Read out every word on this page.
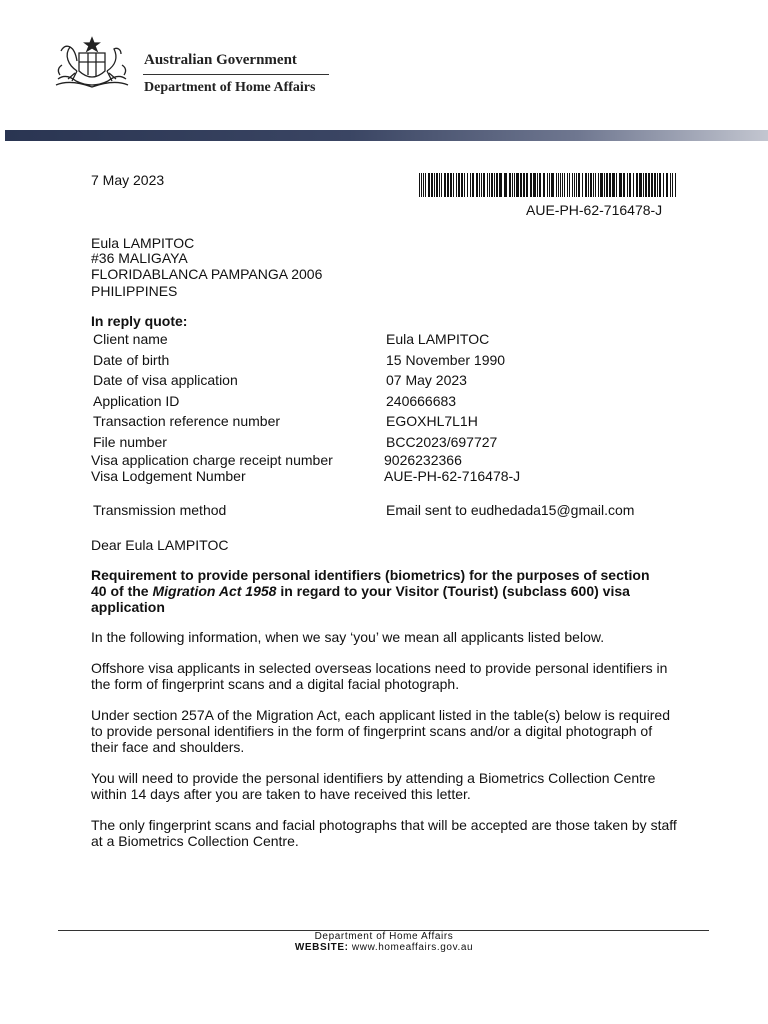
Australian Government
Department of Home Affairs
7 May 2023
AUE-PH-62-716478-J
Eula LAMPITOC
#36 MALIGAYA
FLORIDABLANCA PAMPANGA 2006
PHILIPPINES
In reply quote:
Client name	Eula LAMPITOC
Date of birth	15 November 1990
Date of visa application	07 May 2023
Application ID	240666683
Transaction reference number	EGOXHL7L1H
File number	BCC2023/697727
Visa application charge receipt number	9026232366
Visa Lodgement Number	AUE-PH-62-716478-J
Transmission method	Email sent to eudhedada15@gmail.com
Dear Eula LAMPITOC
Requirement to provide personal identifiers (biometrics) for the purposes of section
40 of the Migration Act 1958 in regard to your Visitor (Tourist) (subclass 600) visa
application
In the following information, when we say ‘you’ we mean all applicants listed below.
Offshore visa applicants in selected overseas locations need to provide personal identifiers in the form of fingerprint scans and a digital facial photograph.
Under section 257A of the Migration Act, each applicant listed in the table(s) below is required to provide personal identifiers in the form of fingerprint scans and/or a digital photograph of their face and shoulders.
You will need to provide the personal identifiers by attending a Biometrics Collection Centre within 14 days after you are taken to have received this letter.
The only fingerprint scans and facial photographs that will be accepted are those taken by staff at a Biometrics Collection Centre.
Department of Home Affairs
WEBSITE: www.homeaffairs.gov.au
